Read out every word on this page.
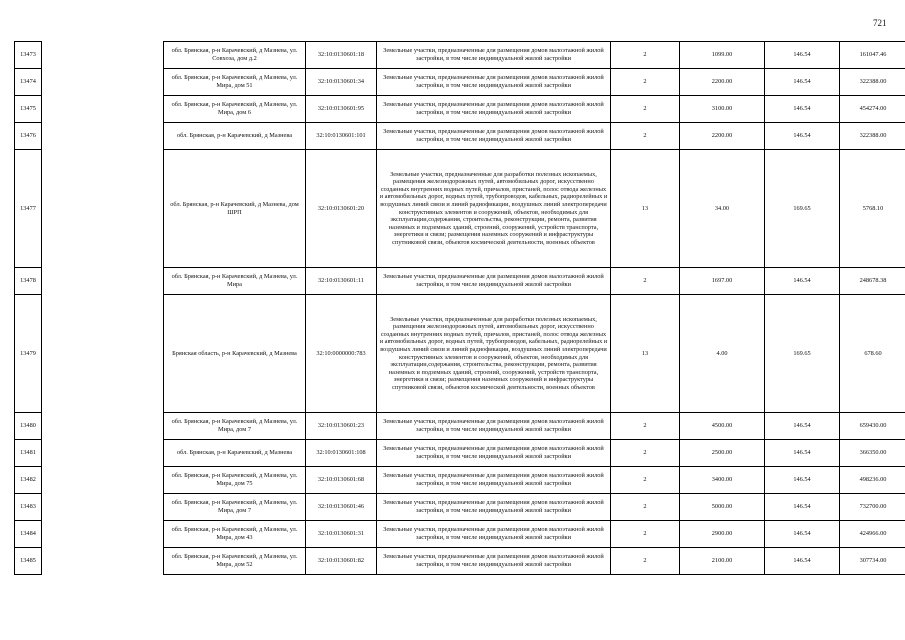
721
13473		обл. Брянская, р-н Карачевский, д Мазнева, ул. Совхоза, дом д.2	32:10:0130601:18	Земельные участки, предназначенные для размещения домов малоэтажной жилой застройки, в том числе индивидуальной жилой застройки	2	1099.00	146.54	161047.46
13474		обл. Брянская, р-н Карачевский, д Мазнева, ул. Мира, дом 51	32:10:0130601:34	Земельные участки, предназначенные для размещения домов малоэтажной жилой застройки, в том числе индивидуальной жилой застройки	2	2200.00	146.54	322388.00
13475		обл. Брянская, р-н Карачевский, д Мазнева, ул. Мира, дом 6	32:10:0130601:95	Земельные участки, предназначенные для размещения домов малоэтажной жилой застройки, в том числе индивидуальной жилой застройки	2	3100.00	146.54	454274.00
13476		обл. Брянская, р-н Карачевский, д Мазнева	32:10:0130601:101	Земельные участки, предназначенные для размещения домов малоэтажной жилой застройки, в том числе индивидуальной жилой застройки	2	2200.00	146.54	322388.00
13477		обл. Брянская, р-н Карачевский, д Мазнева, дом ШРП	32:10:0130601:20	Земельные участки, предназначенные для разработки полезных ископаемых, размещения железнодорожных путей, автомобильных дорог, искусственно созданных внутренних водных путей, причалов, пристаней, полос отвода железных и автомобильных дорог, водных путей, трубопроводов, кабельных, радиорелейных и воздушных линий связи и линий радиофикации, воздушных линий электропередачи конструктивных элементов и сооружений, объектов, необходимых для эксплуатации,содержания, строительства, реконструкции, ремонта, развития наземных и подземных зданий, строений, сооружений, устройств транспорта, энергетики и связи; размещения наземных сооружений и инфраструктуры спутниковой связи, объектов космической деятельности, военных объектов	13	34.00	169.65	5768.10
13478		обл. Брянская, р-н Карачевский, д Мазнева, ул. Мира	32:10:0130601:11	Земельные участки, предназначенные для размещения домов малоэтажной жилой застройки, в том числе индивидуальной жилой застройки	2	1697.00	146.54	248678.38
13479		Брянская область, р-н Карачевский, д Мазнева	32:10:0000000:783	Земельные участки, предназначенные для разработки полезных ископаемых, размещения железнодорожных путей, автомобильных дорог, искусственно созданных внутренних водных путей, причалов, пристаней, полос отвода железных и автомобильных дорог, водных путей, трубопроводов, кабельных, радиорелейных и воздушных линий связи и линий радиофикации, воздушных линий электропередачи конструктивных элементов и сооружений, объектов, необходимых для эксплуатации,содержания, строительства, реконструкции, ремонта, развития наземных и подземных зданий, строений, сооружений, устройств транспорта, энергетики и связи; размещения наземных сооружений и инфраструктуры спутниковой связи, объектов космической деятельности, военных объектов	13	4.00	169.65	678.60
13480		обл. Брянская, р-н Карачевский, д Мазнева, ул. Мира, дом 7	32:10:0130601:23	Земельные участки, предназначенные для размещения домов малоэтажной жилой застройки, в том числе индивидуальной жилой застройки	2	4500.00	146.54	659430.00
13481		обл. Брянская, р-н Карачевский, д Мазнева	32:10:0130601:108	Земельные участки, предназначенные для размещения домов малоэтажной жилой застройки, в том числе индивидуальной жилой застройки	2	2500.00	146.54	366350.00
13482		обл. Брянская, р-н Карачевский, д Мазнева, ул. Мира, дом 75	32:10:0130601:68	Земельные участки, предназначенные для размещения домов малоэтажной жилой застройки, в том числе индивидуальной жилой застройки	2	3400.00	146.54	498236.00
13483		обл. Брянская, р-н Карачевский, д Мазнева, ул. Мира, дом 7	32:10:0130601:46	Земельные участки, предназначенные для размещения домов малоэтажной жилой застройки, в том числе индивидуальной жилой застройки	2	5000.00	146.54	732700.00
13484		обл. Брянская, р-н Карачевский, д Мазнева, ул. Мира, дом 43	32:10:0130601:31	Земельные участки, предназначенные для размещения домов малоэтажной жилой застройки, в том числе индивидуальной жилой застройки	2	2900.00	146.54	424966.00
13485		обл. Брянская, р-н Карачевский, д Мазнева, ул. Мира, дом 52	32:10:0130601:82	Земельные участки, предназначенные для размещения домов малоэтажной жилой застройки, в том числе индивидуальной жилой застройки	2	2100.00	146.54	307734.00
